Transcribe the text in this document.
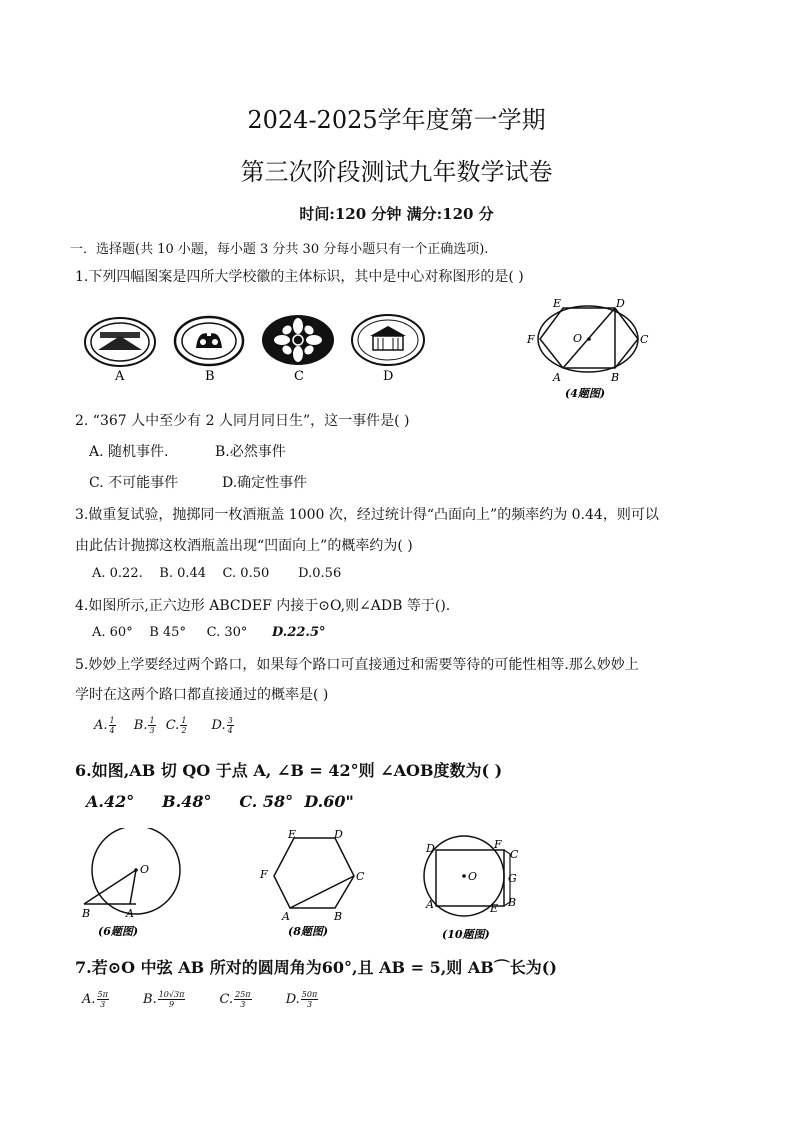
2024-2025学年度第一学期
第三次阶段测试九年数学试卷
时间:120 分钟 满分:120 分
一．选择题(共 10 小题，每小题 3 分共 30 分每小题只有一个正确选项).
1.下列四幅图案是四所大学校徽的主体标识，其中是中心对称图形的是( )
A	B	C	D
E	D
F	O	C
A	B
(4题图)
2. “367 人中至少有 2 人同月同日生”，这一事件是( )
A. 随机事件.	B.必然事件
C. 不可能事件	D.确定性事件
3.做重复试验，抛掷同一枚酒瓶盖 1000 次，经过统计得“凸面向上”的频率约为 0.44，则可以
由此估计抛掷这枚酒瓶盖出现“凹面向上”的概率约为( )
A. 0.22.    B. 0.44    C. 0.50       D.0.56
4.如图所示,正六边形 ABCDEF 内接于⊙O,则∠ADB 等于().
A. 60°    B 45°     C. 30° D.22.5°
5.妙妙上学要经过两个路口，如果每个路口可直接通过和需要等待的可能性相等.那么妙妙上
学时在这两个路口都直接通过的概率是( )
A. $\frac{1}{4} B$. $\frac{1}{3} C$. $\frac{1}{2} D$. $\frac{3}{4}$
6.如图,AB 切 QO 于点 A, ∠B = 42°则 ∠AOB度数为( )
A.42°     B.48°     C. 58°  D.60"
O
B	A
(6题图)
E	D
F	C
A	B
(8题图)
D	F
C
O	G
A	E B
(10题图)
7.若⊙O 中弦 AB 所对的圆周角为60°,且 AB = 5,则 AB⌒长为()
A. $\frac{5\pi}{3}$	B. $\frac{10√3\pi}{9}$	C. $\frac{25\pi}{3}$	D. $\frac{50\pi}{3}$
